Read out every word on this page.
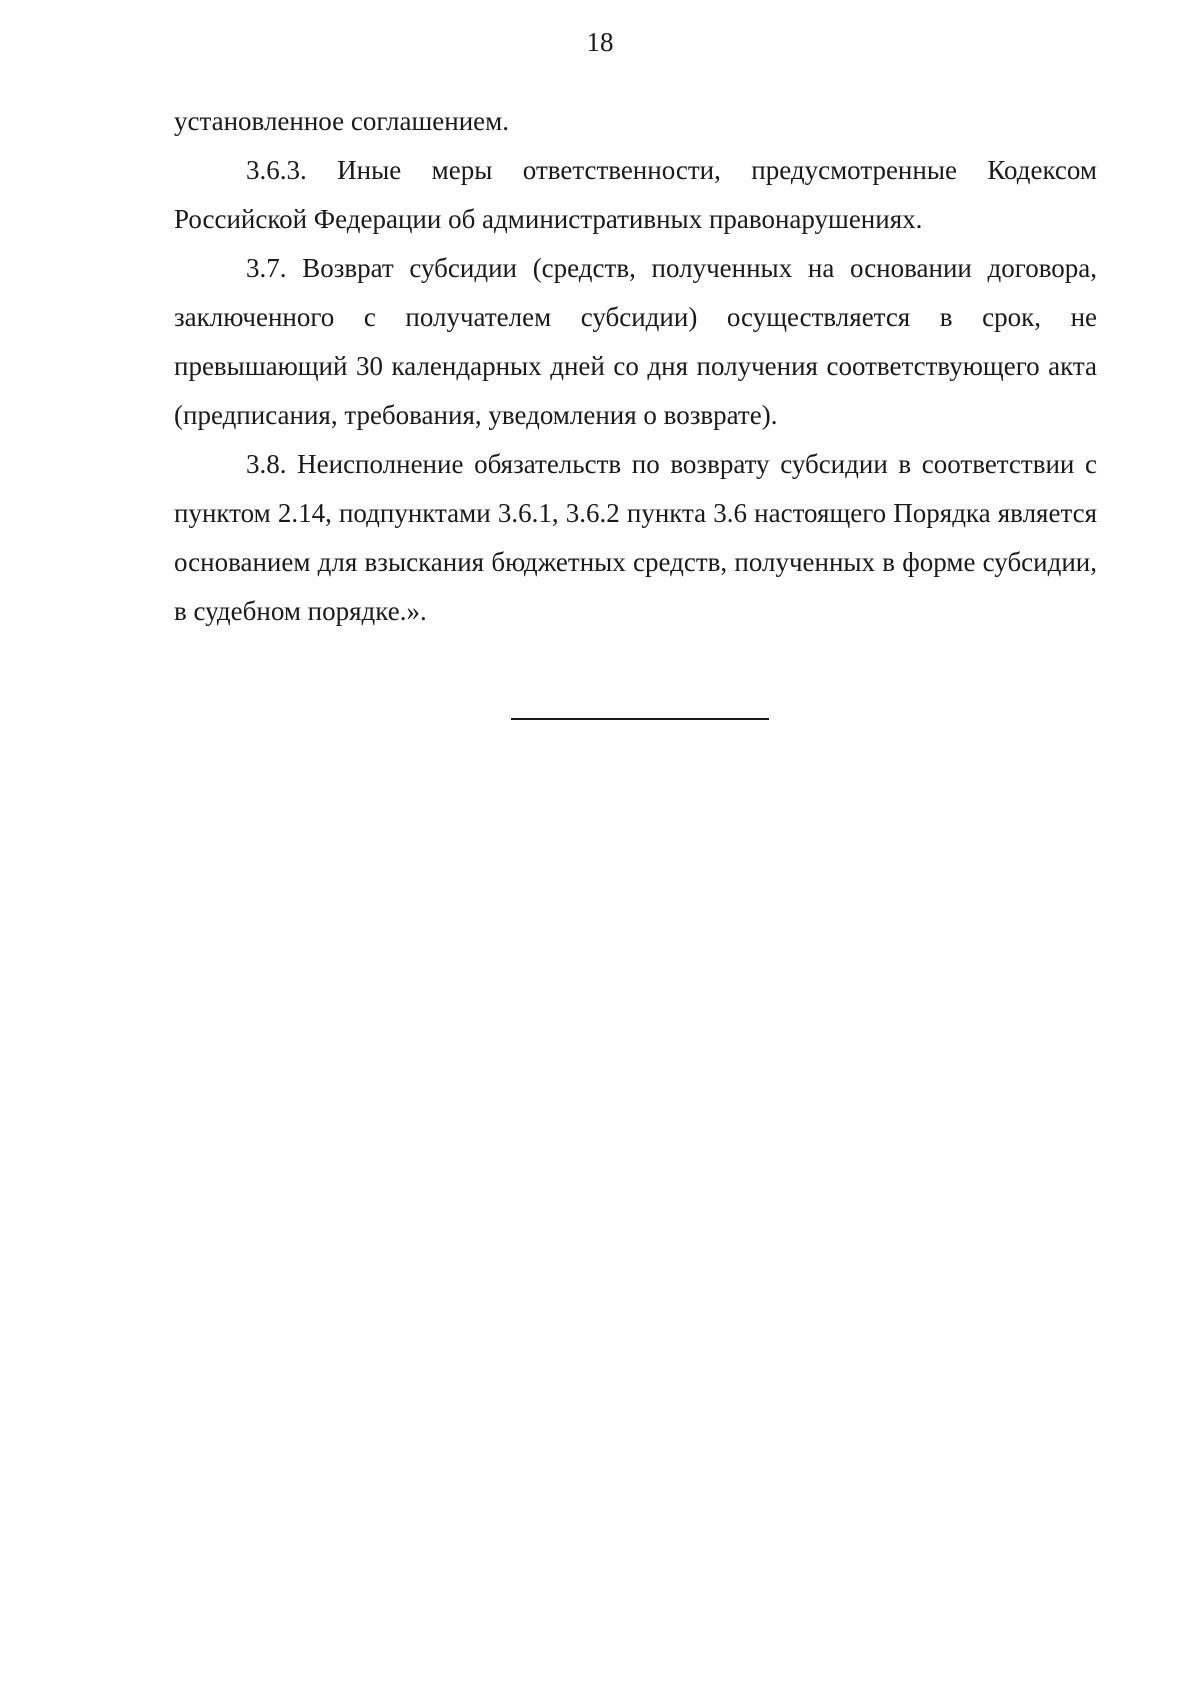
18

установленное соглашением.

3.6.3. Иные меры ответственности, предусмотренные Кодексом Российской Федерации об административных правонарушениях.

3.7. Возврат субсидии (средств, полученных на основании договора, заключенного с получателем субсидии) осуществляется в срок, не превышающий 30 календарных дней со дня получения соответствующего акта (предписания, требования, уведомления о возврате).

3.8. Неисполнение обязательств по возврату субсидии в соответствии с пунктом 2.14, подпунктами 3.6.1, 3.6.2 пункта 3.6 настоящего Порядка является основанием для взыскания бюджетных средств, полученных в форме субсидии, в судебном порядке.».
